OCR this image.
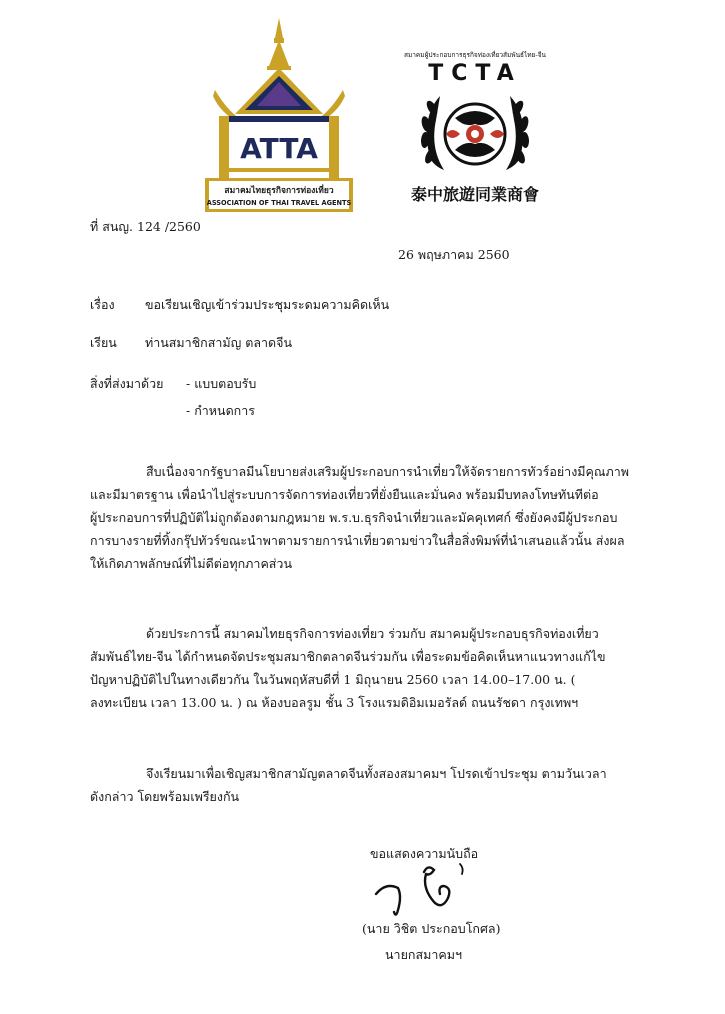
ATTA
สมาคมไทยธุรกิจการท่องเที่ยว
ASSOCIATION OF THAI TRAVEL AGENTS
สมาคมผู้ประกอบการธุรกิจท่องเที่ยวสัมพันธ์ไทย-จีน
TCTA
泰中旅遊同業商會
ที่ สนญ. 124 /2560
26 พฤษภาคม 2560
เรื่อง ขอเรียนเชิญเข้าร่วมประชุมระดมความคิดเห็น
เรียน ท่านสมาชิกสามัญ ตลาดจีน
สิ่งที่ส่งมาด้วย - แบบตอบรับ
- กำหนดการ
สืบเนื่องจากรัฐบาลมีนโยบายส่งเสริมผู้ประกอบการนำเที่ยวให้จัดรายการทัวร์อย่างมีคุณภาพ
และมีมาตรฐาน เพื่อนำไปสู่ระบบการจัดการท่องเที่ยวที่ยั่งยืนและมั่นคง พร้อมมีบทลงโทษทันทีต่อ
ผู้ประกอบการที่ปฏิบัติไม่ถูกต้องตามกฎหมาย พ.ร.บ.ธุรกิจนำเที่ยวและมัคคุเทศก์ ซึ่งยังคงมีผู้ประกอบ
การบางรายที่ทิ้งกรุ๊ปทัวร์ขณะนำพาตามรายการนำเที่ยวตามข่าวในสื่อสิ่งพิมพ์ที่นำเสนอแล้วนั้น ส่งผล
ให้เกิดภาพลักษณ์ที่ไม่ดีต่อทุกภาคส่วน
ด้วยประการนี้ สมาคมไทยธุรกิจการท่องเที่ยว ร่วมกับ สมาคมผู้ประกอบธุรกิจท่องเที่ยว
สัมพันธ์ไทย-จีน ได้กำหนดจัดประชุมสมาชิกตลาดจีนร่วมกัน เพื่อระดมข้อคิดเห็นหาแนวทางแก้ไข
ปัญหาปฏิบัติไปในทางเดียวกัน ในวันพฤหัสบดีที่ 1 มิถุนายน 2560 เวลา 14.00–17.00 น. (
ลงทะเบียน เวลา 13.00 น. ) ณ ห้องบอลรูม ชั้น 3 โรงแรมดิอิมเมอรัลด์ ถนนรัชดา กรุงเทพฯ
จึงเรียนมาเพื่อเชิญสมาชิกสามัญตลาดจีนทั้งสองสมาคมฯ โปรดเข้าประชุม ตามวันเวลา
ดังกล่าว โดยพร้อมเพรียงกัน
ขอแสดงความนับถือ
(นาย วิชิต ประกอบโกศล)
นายกสมาคมฯ
